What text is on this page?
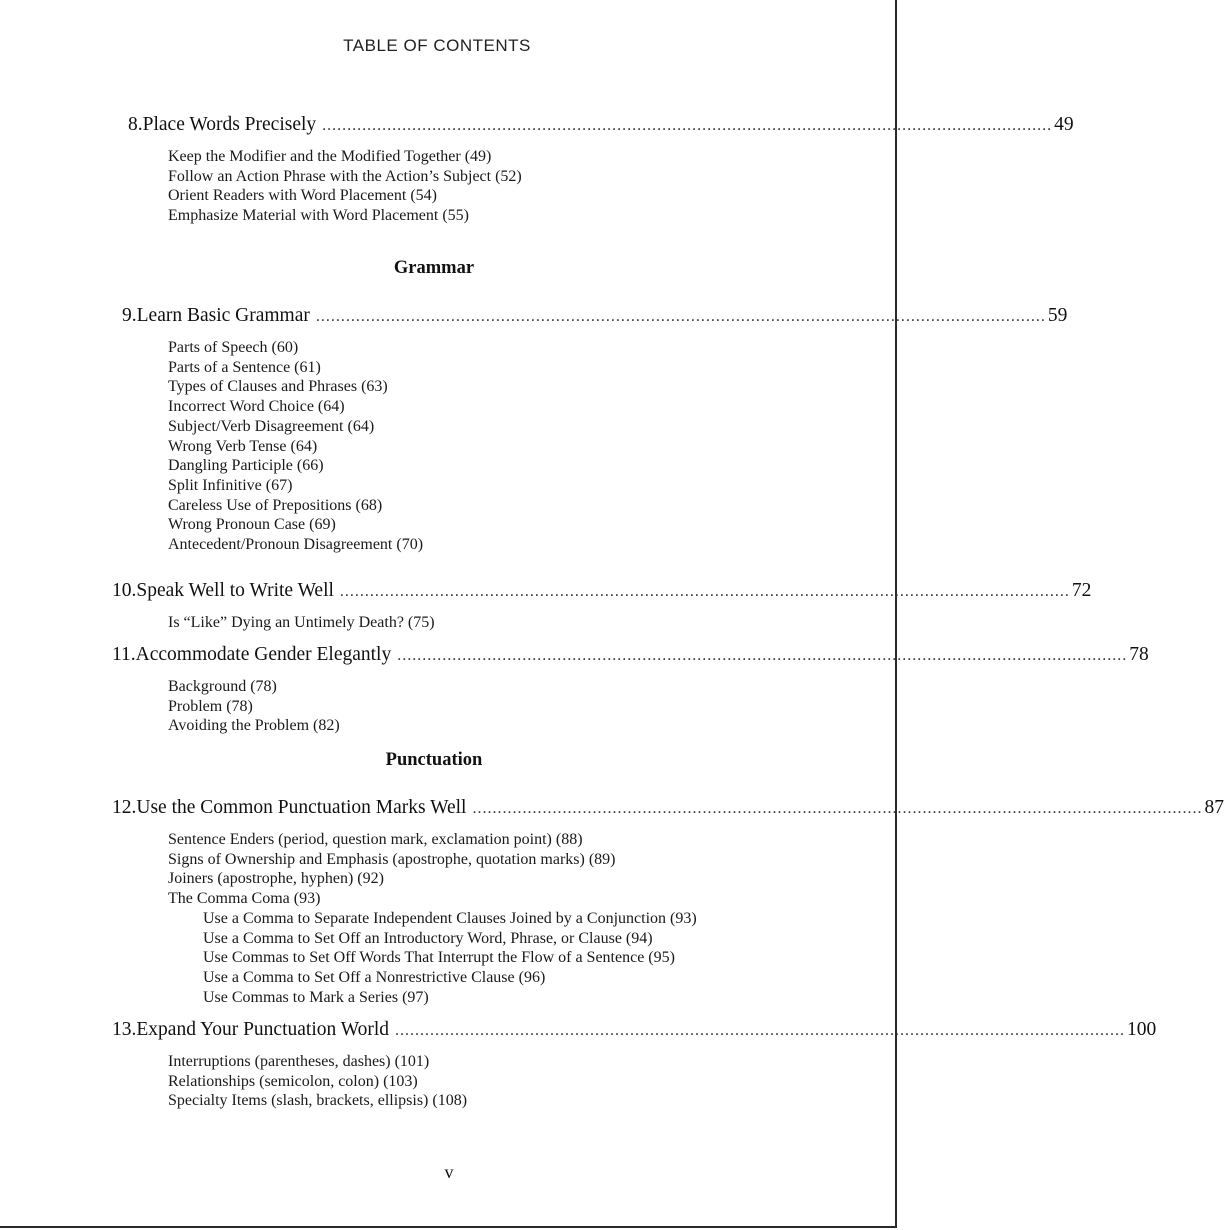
TABLE OF CONTENTS
8. Place Words Precisely .................................................................................................................................................. 49
Keep the Modifier and the Modified Together (49)
Follow an Action Phrase with the Action’s Subject (52)
Orient Readers with Word Placement (54)
Emphasize Material with Word Placement (55)
Grammar
9. Learn Basic Grammar .................................................................................................................................................. 59
Parts of Speech (60)
Parts of a Sentence (61)
Types of Clauses and Phrases (63)
Incorrect Word Choice (64)
Subject/Verb Disagreement (64)
Wrong Verb Tense (64)
Dangling Participle (66)
Split Infinitive (67)
Careless Use of Prepositions (68)
Wrong Pronoun Case (69)
Antecedent/Pronoun Disagreement (70)
10. Speak Well to Write Well .................................................................................................................................................. 72
Is “Like” Dying an Untimely Death? (75)
11. Accommodate Gender Elegantly .................................................................................................................................................. 78
Background (78)
Problem (78)
Avoiding the Problem (82)
Punctuation
12. Use the Common Punctuation Marks Well .................................................................................................................................................. 87
Sentence Enders (period, question mark, exclamation point) (88)
Signs of Ownership and Emphasis (apostrophe, quotation marks) (89)
Joiners (apostrophe, hyphen) (92)
The Comma Coma (93)
Use a Comma to Separate Independent Clauses Joined by a Conjunction (93)
Use a Comma to Set Off an Introductory Word, Phrase, or Clause (94)
Use Commas to Set Off Words That Interrupt the Flow of a Sentence (95)
Use a Comma to Set Off a Nonrestrictive Clause (96)
Use Commas to Mark a Series (97)
13. Expand Your Punctuation World .................................................................................................................................................. 100
Interruptions (parentheses, dashes) (101)
Relationships (semicolon, colon) (103)
Specialty Items (slash, brackets, ellipsis) (108)
v
